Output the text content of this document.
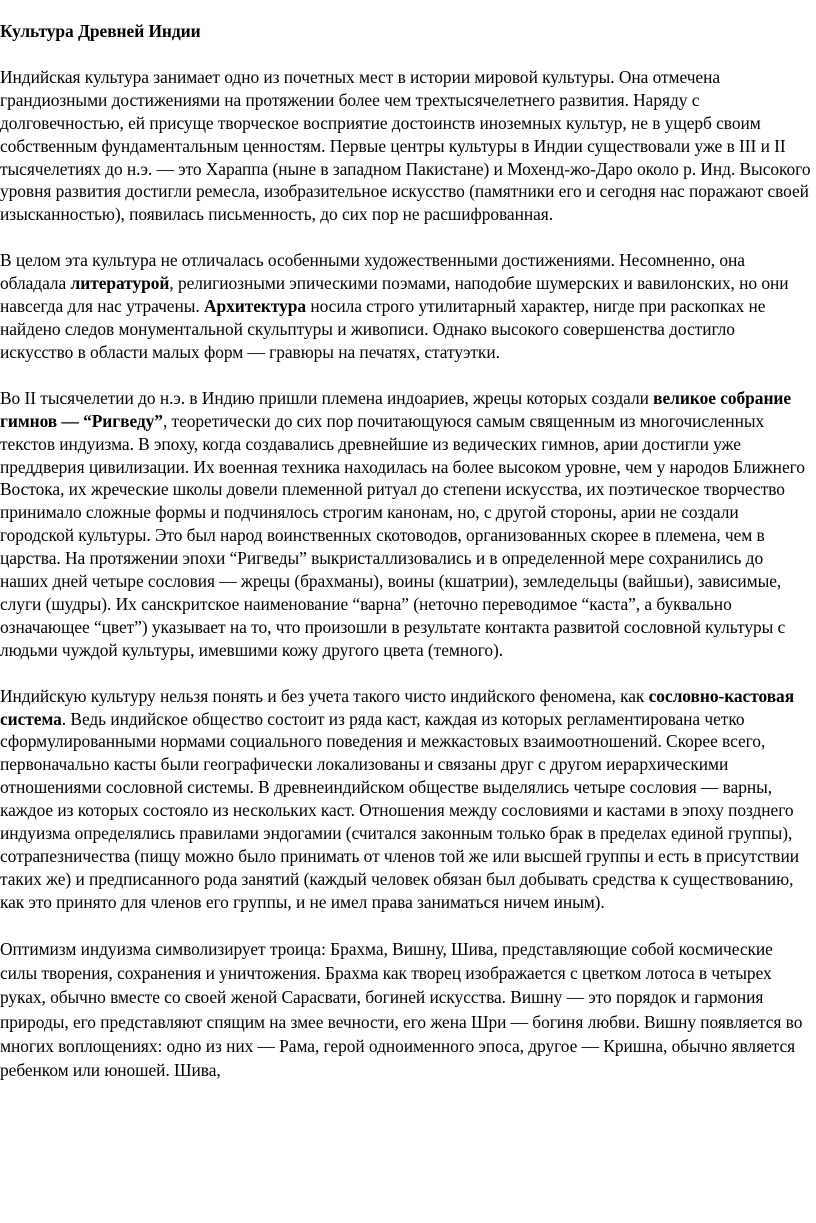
Культура Древней Индии
Индийская культура занимает одно из почетных мест в истории мировой культуры. Она отмечена грандиозными достижениями на протяжении более чем трехтысячелетнего развития. Наряду с долговечностью, ей присуще творческое восприятие достоинств иноземных культур, не в ущерб своим собственным фундаментальным ценностям. Первые центры культуры в Индии существовали уже в III и II тысячелетиях до н.э. — это Хараппа (ныне в западном Пакистане) и Мохенд-жо-Даро около р. Инд. Высокого уровня развития достигли ремесла, изобразительное искусство (памятники его и сегодня нас поражают своей изысканностью), появилась письменность, до сих пор не расшифрованная.
В целом эта культура не отличалась особенными художественными достижениями. Несомненно, она обладала литературой, религиозными эпическими поэмами, наподобие шумерских и вавилонских, но они навсегда для нас утрачены. Архитектура носила строго утилитарный характер, нигде при раскопках не найдено следов монументальной скульптуры и живописи. Однако высокого совершенства достигло искусство в области малых форм — гравюры на печатях, статуэтки.
Во II тысячелетии до н.э. в Индию пришли племена индоариев, жрецы которых создали великое собрание гимнов — “Ригведу”, теоретически до сих пор почитающуюся самым священным из многочисленных текстов индуизма. В эпоху, когда создавались древнейшие из ведических гимнов, арии достигли уже преддверия цивилизации. Их военная техника находилась на более высоком уровне, чем у народов Ближнего Востока, их жреческие школы довели племенной ритуал до степени искусства, их поэтическое творчество принимало сложные формы и подчинялось строгим канонам, но, с другой стороны, арии не создали городской культуры. Это был народ воинственных скотоводов, организованных скорее в племена, чем в царства. На протяжении эпохи “Ригведы” выкристаллизовались и в определенной мере сохранились до наших дней четыре сословия — жрецы (брахманы), воины (кшатрии), земледельцы (вайшьи), зависимые, слуги (шудры). Их санскритское наименование “варна” (неточно переводимое “каста”, а буквально означающее “цвет”) указывает на то, что произошли в результате контакта развитой сословной культуры с людьми чуждой культуры, имевшими кожу другого цвета (темного).
Индийскую культуру нельзя понять и без учета такого чисто индийского феномена, как сословно-кастовая система. Ведь индийское общество состоит из ряда каст, каждая из которых регламентирована четко сформулированными нормами социального поведения и межкастовых взаимоотношений. Скорее всего, первоначально касты были географически локализованы и связаны друг с другом иерархическими отношениями сословной системы. В древнеиндийском обществе выделялись четыре сословия — варны, каждое из которых состояло из нескольких каст. Отношения между сословиями и кастами в эпоху позднего индуизма определялись правилами эндогамии (считался законным только брак в пределах единой группы), сотрапезничества (пищу можно было принимать от членов той же или высшей группы и есть в присутствии таких же) и предписанного рода занятий (каждый человек обязан был добывать средства к существованию, как это принято для членов его группы, и не имел права заниматься ничем иным).
Оптимизм индуизма символизирует троица: Брахма, Вишну, Шива, представляющие собой космические силы творения, сохранения и уничтожения. Брахма как творец изображается с цветком лотоса в четырех руках, обычно вместе со своей женой Сарасвати, богиней искусства. Вишну — это порядок и гармония природы, его представляют спящим на змее вечности, его жена Шри — богиня любви. Вишну появляется во многих воплощениях: одно из них — Рама, герой одноименного эпоса, другое — Кришна, обычно является ребенком или юношей. Шива,
